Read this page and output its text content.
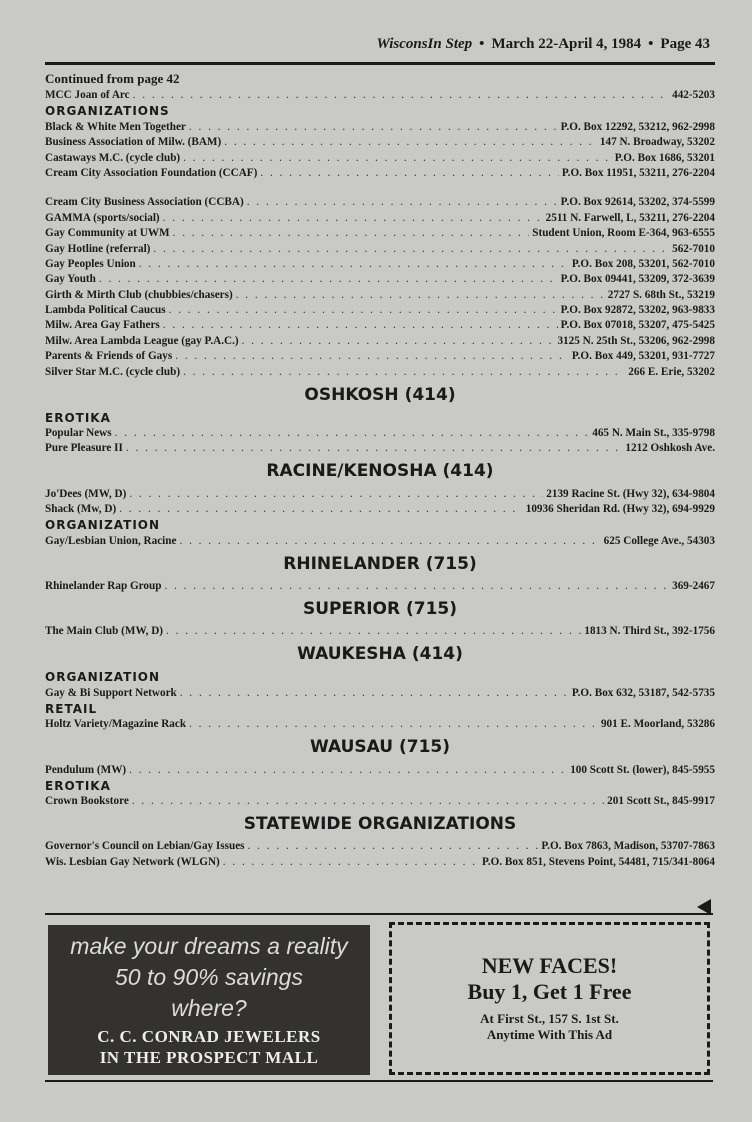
WisconsIn Step • March 22-April 4, 1984 • Page 43
Continued from page 42
MCC Joan of Arc . . .	442-5203
ORGANIZATIONS
Black & White Men Together . . .	P.O. Box 12292, 53212, 962-2998
Business Association of Milw. (BAM) . . .	147 N. Broadway, 53202
Castaways M.C. (cycle club) . . .	P.O. Box 1686, 53201
Cream City Association Foundation (CCAF) . . .	P.O. Box 11951, 53211, 276-2204
Cream City Business Association (CCBA) . . .	P.O. Box 92614, 53202, 374-5599
GAMMA (sports/social) . . .	2511 N. Farwell, L, 53211, 276-2204
Gay Community at UWM . . .	Student Union, Room E-364, 963-6555
Gay Hotline (referral) . . .	562-7010
Gay Peoples Union . . .	P.O. Box 208, 53201, 562-7010
Gay Youth . . .	P.O. Box 09441, 53209, 372-3639
Girth & Mirth Club (chubbies/chasers) . . .	2727 S. 68th St., 53219
Lambda Political Caucus . . .	P.O. Box 92872, 53202, 963-9833
Milw. Area Gay Fathers . . .	P.O. Box 07018, 53207, 475-5425
Milw. Area Lambda League (gay P.A.C.) . . .	3125 N. 25th St., 53206, 962-2998
Parents & Friends of Gays . . .	P.O. Box 449, 53201, 931-7727
Silver Star M.C. (cycle club) . . .	266 E. Erie, 53202
OSHKOSH (414)
EROTIKA
Popular News . . .	465 N. Main St., 335-9798
Pure Pleasure II . . .	1212 Oshkosh Ave.
RACINE/KENOSHA (414)
Jo'Dees (MW, D) . . .	2139 Racine St. (Hwy 32), 634-9804
Shack (Mw, D) . . .	10936 Sheridan Rd. (Hwy 32), 694-9929
ORGANIZATION
Gay/Lesbian Union, Racine . . .	625 College Ave., 54303
RHINELANDER (715)
Rhinelander Rap Group . . .	369-2467
SUPERIOR (715)
The Main Club (MW, D) . . .	1813 N. Third St., 392-1756
WAUKESHA (414)
ORGANIZATION
Gay & Bi Support Network . . .	P.O. Box 632, 53187, 542-5735
RETAIL
Holtz Variety/Magazine Rack . . .	901 E. Moorland, 53286
WAUSAU (715)
Pendulum (MW) . . .	100 Scott St. (lower), 845-5955
EROTIKA
Crown Bookstore . . .	201 Scott St., 845-9917
STATEWIDE ORGANIZATIONS
Governor's Council on Lebian/Gay Issues . . .	P.O. Box 7863, Madison, 53707-7863
Wis. Lesbian Gay Network (WLGN) . . .	P.O. Box 851, Stevens Point, 54481, 715/341-8064
make your dreams a reality
50 to 90% savings
where?
C. C. CONRAD JEWELERS
IN THE PROSPECT MALL
NEW FACES!
Buy 1, Get 1 Free
At First St., 157 S. 1st St.
Anytime With This Ad
